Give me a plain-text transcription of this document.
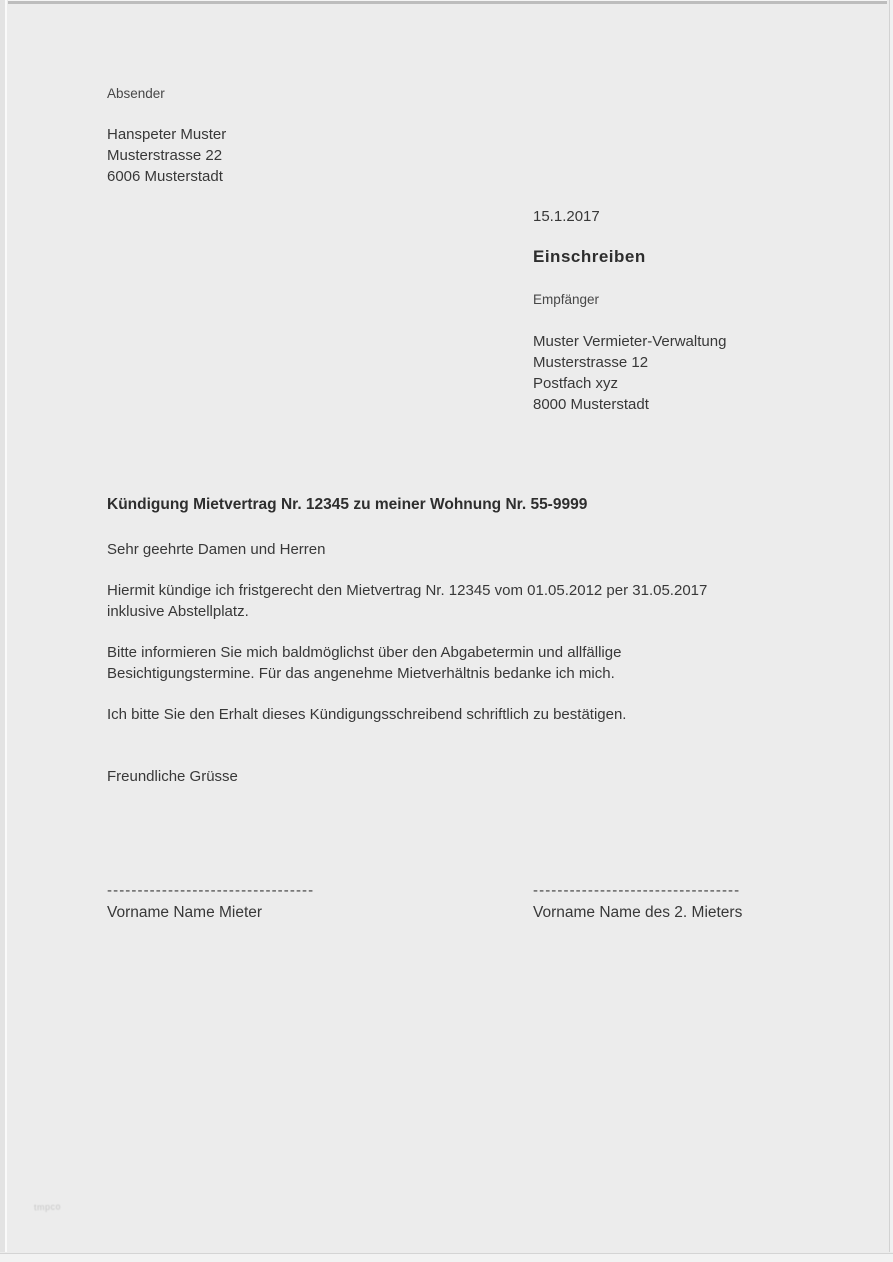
Absender
Hanspeter Muster
Musterstrasse 22
6006 Musterstadt
15.1.2017
Einschreiben
Empfänger
Muster Vermieter-Verwaltung
Musterstrasse 12
Postfach xyz
8000 Musterstadt
Kündigung Mietvertrag Nr. 12345 zu meiner Wohnung Nr. 55-9999
Sehr geehrte Damen und Herren
Hiermit kündige ich fristgerecht den Mietvertrag Nr. 12345 vom 01.05.2012 per 31.05.2017 inklusive Abstellplatz.
Bitte informieren Sie mich baldmöglichst über den Abgabetermin und allfällige Besichtigungstermine. Für das angenehme Mietverhältnis bedanke ich mich.
Ich bitte Sie den Erhalt dieses Kündigungsschreibend schriftlich zu bestätigen.
Freundliche Grüsse
----------------------------------
Vorname Name Mieter
----------------------------------
Vorname Name des 2. Mieters
tmpco
